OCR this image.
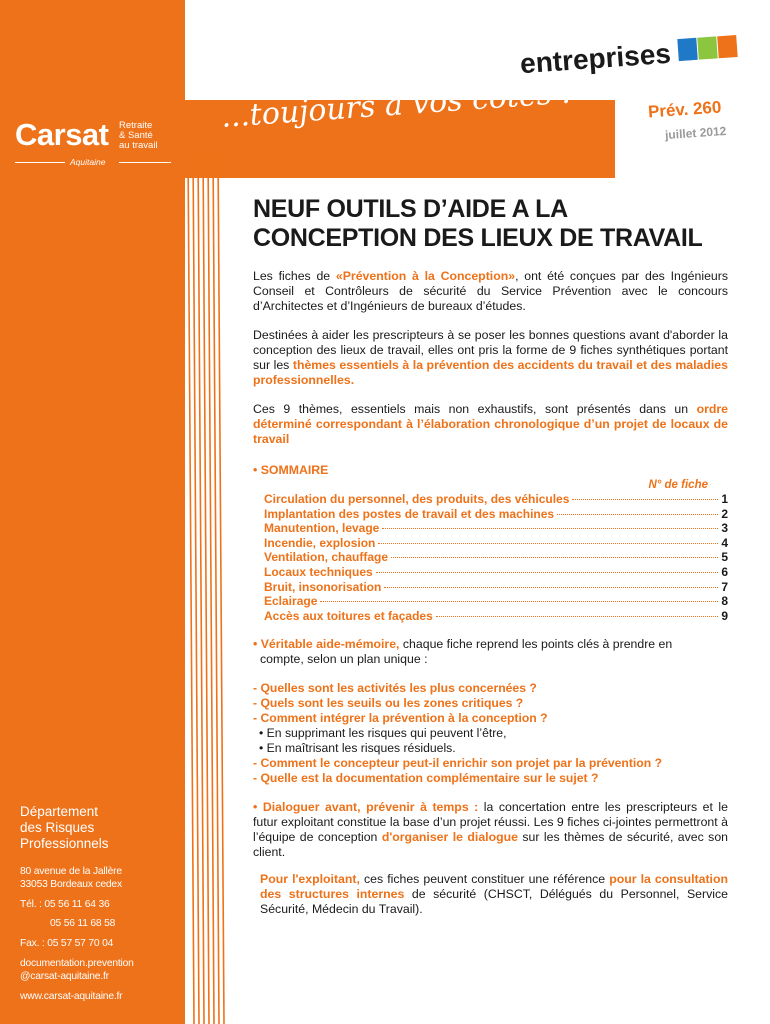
Carsat Retraite
& Santé
au travail
Aquitaine
...toujours à vos côtés !
entreprises
Prév. 260
juillet 2012
NEUF OUTILS D’AIDE A LA
CONCEPTION DES LIEUX DE TRAVAIL

Les fiches de «Prévention à la Conception», ont été conçues par des Ingénieurs Conseil et Contrôleurs de sécurité du Service Prévention avec le concours d’Architectes et d’Ingénieurs de bureaux d’études.

Destinées à aider les prescripteurs à se poser les bonnes questions avant d'aborder la conception des lieux de travail, elles ont pris la forme de 9 fiches synthétiques portant sur les thèmes essentiels à la prévention des accidents du travail et des maladies professionnelles.

Ces 9 thèmes, essentiels mais non exhaustifs, sont présentés dans un ordre déterminé correspondant à l’élaboration chronologique d’un projet de locaux de travail

• SOMMAIRE
N° de fiche
Circulation du personnel, des produits, des véhicules	1
Implantation des postes de travail et des machines	2
Manutention, levage	3
Incendie, explosion	4
Ventilation, chauffage	5
Locaux techniques	6
Bruit, insonorisation	7
Eclairage	8
Accès aux toitures et façades	9

• Véritable aide-mémoire, chaque fiche reprend les points clés à prendre en
compte, selon un plan unique :

- Quelles sont les activités les plus concernées ?
- Quels sont les seuils ou les zones critiques ?
- Comment intégrer la prévention à la conception ?
• En supprimant les risques qui peuvent l’être,
• En maîtrisant les risques résiduels.
- Comment le concepteur peut-il enrichir son projet par la prévention ?
- Quelle est la documentation complémentaire sur le sujet ?

• Dialoguer avant, prévenir à temps : la concertation entre les prescripteurs et le futur exploitant constitue la base d’un projet réussi. Les 9 fiches ci-jointes permettront à l’équipe de conception d'organiser le dialogue sur les thèmes de sécurité, avec son client.

Pour l'exploitant, ces fiches peuvent constituer une référence pour la consultation des structures internes de sécurité (CHSCT, Délégués du Personnel, Service Sécurité, Médecin du Travail).

Département
des Risques
Professionnels
80 avenue de la Jallère
33053 Bordeaux cedex
Tél. : 05 56 11 64 36
05 56 11 68 58
Fax. : 05 57 57 70 04
documentation.prevention
@carsat-aquitaine.fr
www.carsat-aquitaine.fr
